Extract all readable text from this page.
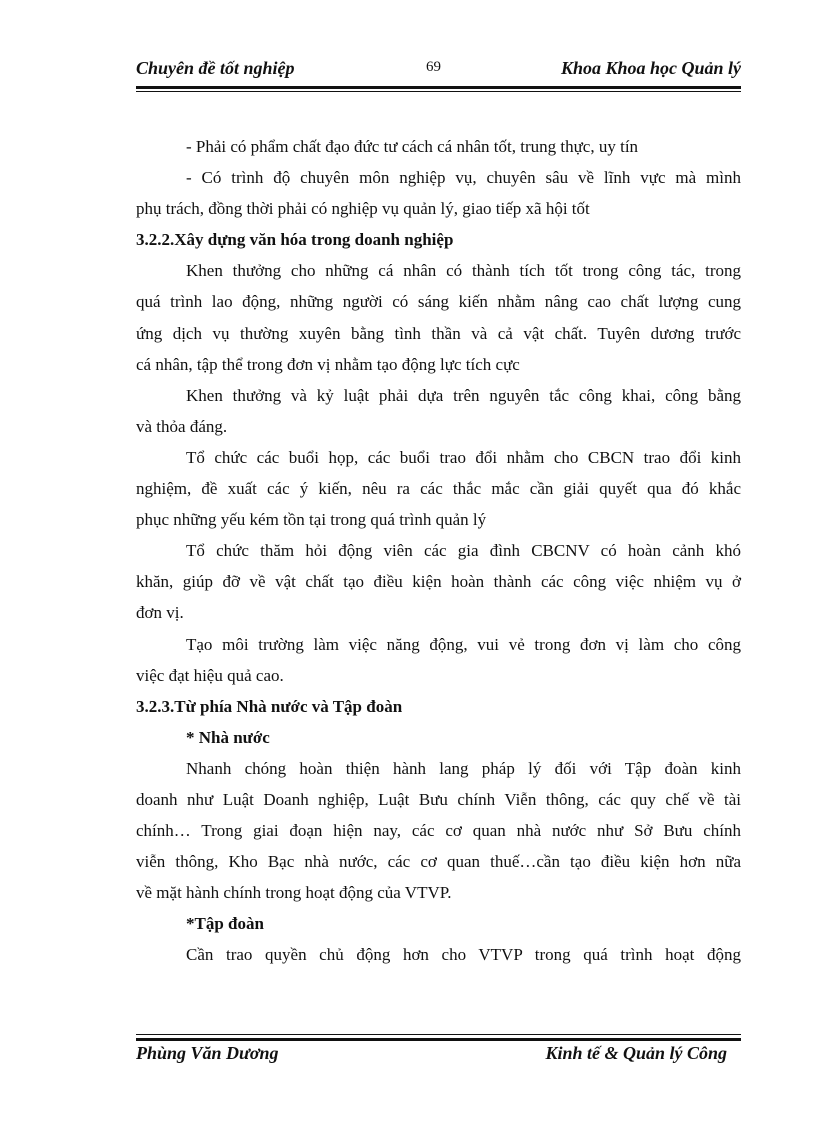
Chuyên đề tốt nghiệp	69	Khoa Khoa học Quản lý
- Phải có phẩm chất đạo đức tư cách cá nhân tốt, trung thực, uy tín
- Có trình độ chuyên môn nghiệp vụ, chuyên sâu về lĩnh vực mà mình
phụ trách, đồng thời phải có nghiệp vụ quản lý, giao tiếp xã hội tốt
3.2.2.Xây dựng văn hóa trong doanh nghiệp
Khen thưởng cho những cá nhân có thành tích tốt trong công tác, trong
quá trình lao động, những người có sáng kiến nhằm nâng cao chất lượng cung
ứng dịch vụ thường xuyên bằng tình thần và cả vật chất. Tuyên dương trước
cá nhân, tập thể trong đơn vị nhằm tạo động lực tích cực
Khen thưởng và kỷ luật phải dựa trên nguyên tắc công khai, công bằng
và thỏa đáng.
Tổ chức các buổi họp, các buổi trao đổi nhằm cho CBCN trao đổi kinh
nghiệm, đề xuất các ý kiến, nêu ra các thắc mắc cần giải quyết qua đó khắc
phục những yếu kém tồn tại trong quá trình quản lý
Tổ chức thăm hỏi động viên các gia đình CBCNV có hoàn cảnh khó
khăn, giúp đỡ về vật chất tạo điều kiện hoàn thành các công việc nhiệm vụ ở
đơn vị.
Tạo môi trường làm việc năng động, vui vẻ trong đơn vị làm cho công
việc đạt hiệu quả cao.
3.2.3.Từ phía Nhà nước và Tập đoàn
* Nhà nước
Nhanh chóng hoàn thiện hành lang pháp lý đối với Tập đoàn kinh
doanh như Luật Doanh nghiệp, Luật Bưu chính Viễn thông, các quy chế về tài
chính… Trong giai đoạn hiện nay, các cơ quan nhà nước như Sở Bưu chính
viễn thông, Kho Bạc nhà nước, các cơ quan thuế…cần tạo điều kiện hơn nữa
về mặt hành chính trong hoạt động của VTVP.
*Tập đoàn
Cần trao quyền chủ động hơn cho VTVP trong quá trình hoạt động
Phùng Văn Dương	Kinh tế & Quản lý Công
